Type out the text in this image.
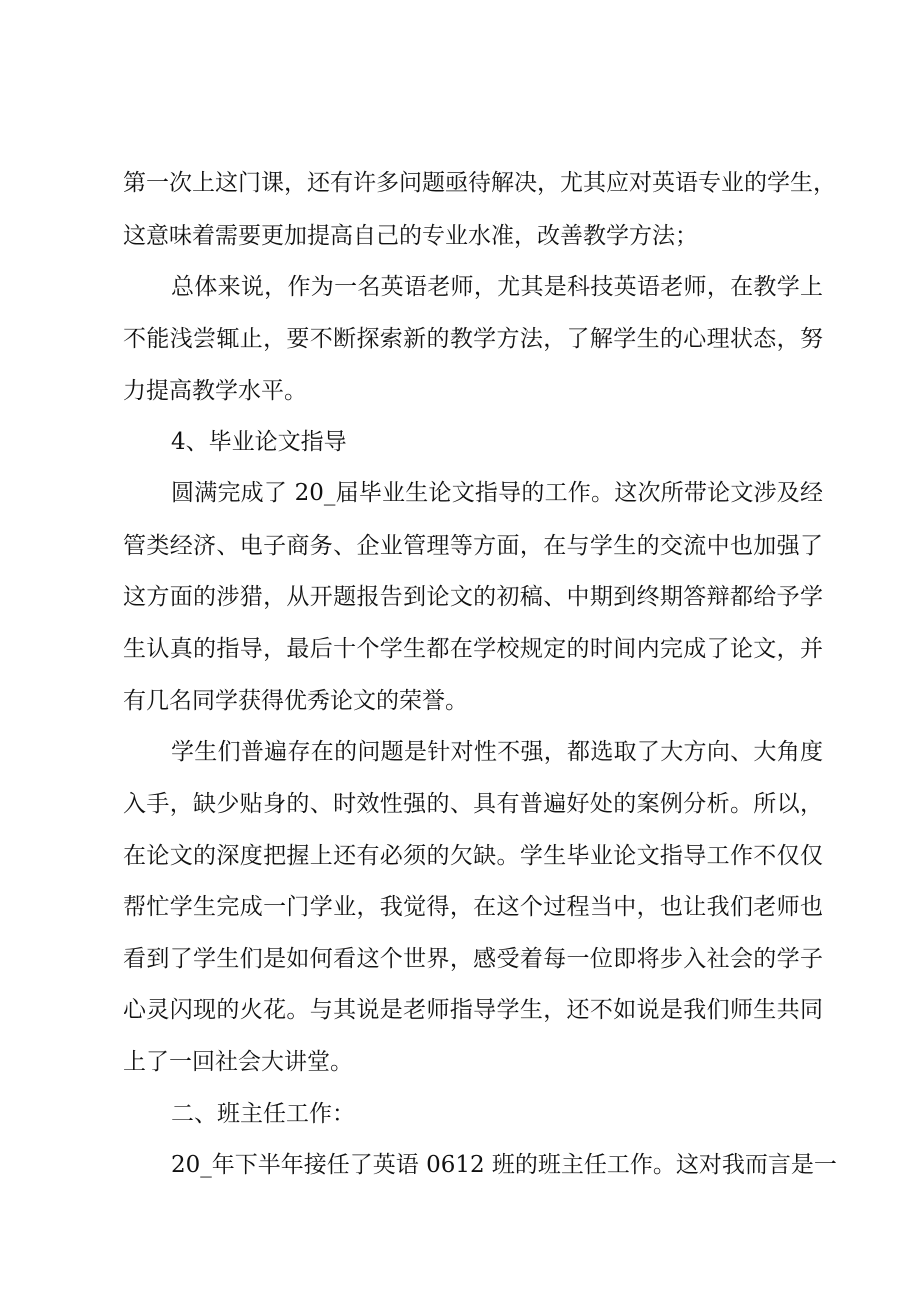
第一次上这门课，还有许多问题亟待解决，尤其应对英语专业的学生，
这意味着需要更加提高自己的专业水准，改善教学方法；
总体来说，作为一名英语老师，尤其是科技英语老师，在教学上
不能浅尝辄止，要不断探索新的教学方法，了解学生的心理状态，努
力提高教学水平。
4、毕业论文指导
圆满完成了 20_届毕业生论文指导的工作。这次所带论文涉及经
管类经济、电子商务、企业管理等方面，在与学生的交流中也加强了
这方面的涉猎，从开题报告到论文的初稿、中期到终期答辩都给予学
生认真的指导，最后十个学生都在学校规定的时间内完成了论文，并
有几名同学获得优秀论文的荣誉。
学生们普遍存在的问题是针对性不强，都选取了大方向、大角度
入手，缺少贴身的、时效性强的、具有普遍好处的案例分析。所以，
在论文的深度把握上还有必须的欠缺。学生毕业论文指导工作不仅仅
帮忙学生完成一门学业，我觉得，在这个过程当中，也让我们老师也
看到了学生们是如何看这个世界，感受着每一位即将步入社会的学子
心灵闪现的火花。与其说是老师指导学生，还不如说是我们师生共同
上了一回社会大讲堂。
二、班主任工作：
20_年下半年接任了英语 0612 班的班主任工作。这对我而言是一
